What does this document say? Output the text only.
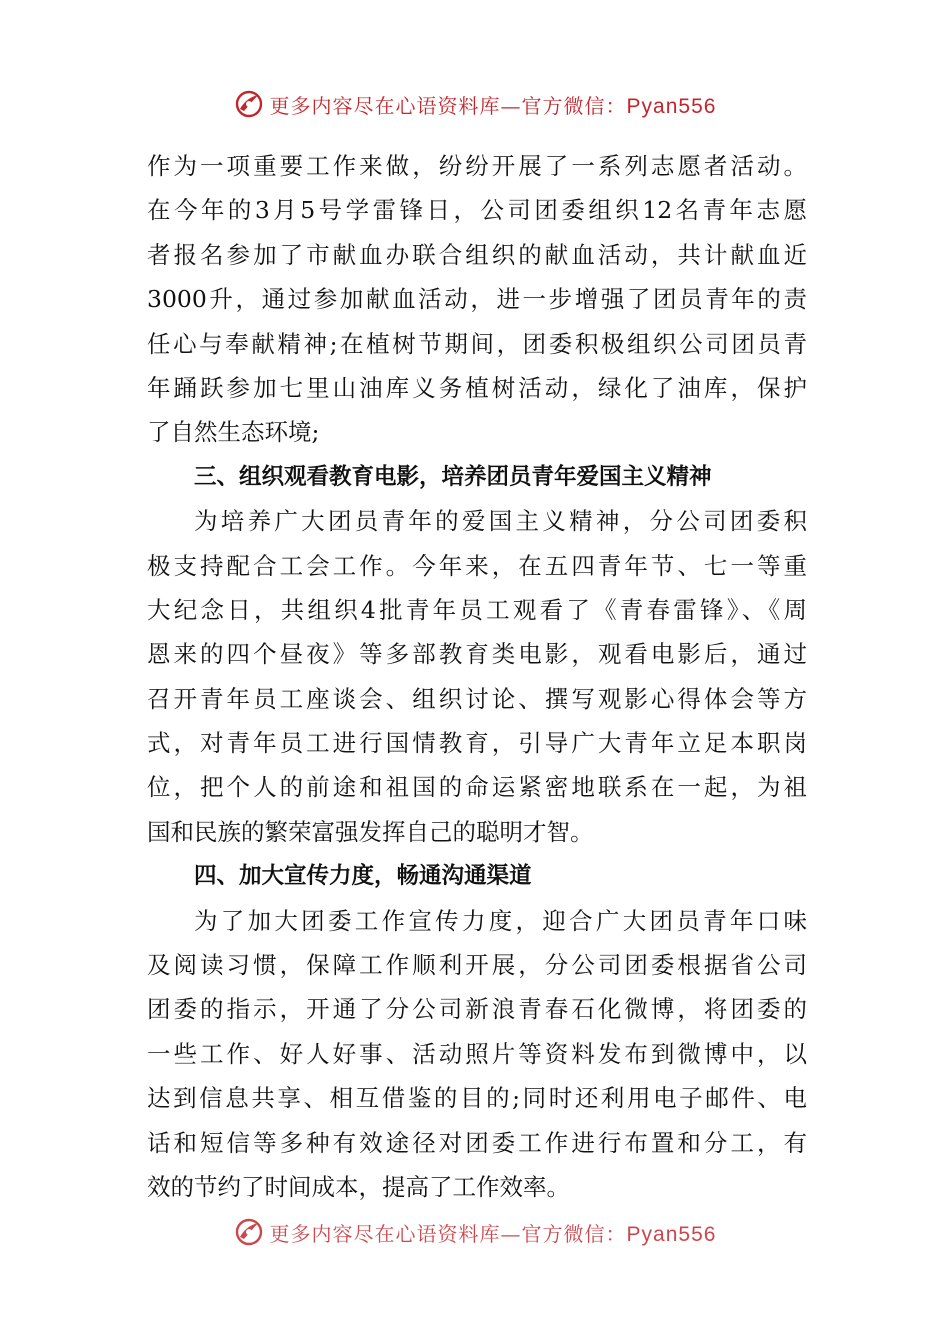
更多内容尽在心语资料库—官方微信：Pyan556
作为一项重要工作来做，纷纷开展了一系列志愿者活动。
在今年的3月5号学雷锋日，公司团委组织12名青年志愿
者报名参加了市献血办联合组织的献血活动，共计献血近
3000升，通过参加献血活动，进一步增强了团员青年的责
任心与奉献精神;在植树节期间，团委积极组织公司团员青
年踊跃参加七里山油库义务植树活动，绿化了油库，保护
了自然生态环境;
三、组织观看教育电影，培养团员青年爱国主义精神
为培养广大团员青年的爱国主义精神，分公司团委积
极支持配合工会工作。今年来，在五四青年节、七一等重
大纪念日，共组织4批青年员工观看了《青春雷锋》、《周
恩来的四个昼夜》等多部教育类电影，观看电影后，通过
召开青年员工座谈会、组织讨论、撰写观影心得体会等方
式，对青年员工进行国情教育，引导广大青年立足本职岗
位，把个人的前途和祖国的命运紧密地联系在一起，为祖
国和民族的繁荣富强发挥自己的聪明才智。
四、加大宣传力度，畅通沟通渠道
为了加大团委工作宣传力度，迎合广大团员青年口味
及阅读习惯，保障工作顺利开展，分公司团委根据省公司
团委的指示，开通了分公司新浪青春石化微博，将团委的
一些工作、好人好事、活动照片等资料发布到微博中，以
达到信息共享、相互借鉴的目的;同时还利用电子邮件、电
话和短信等多种有效途径对团委工作进行布置和分工，有
效的节约了时间成本，提高了工作效率。
更多内容尽在心语资料库—官方微信：Pyan556
